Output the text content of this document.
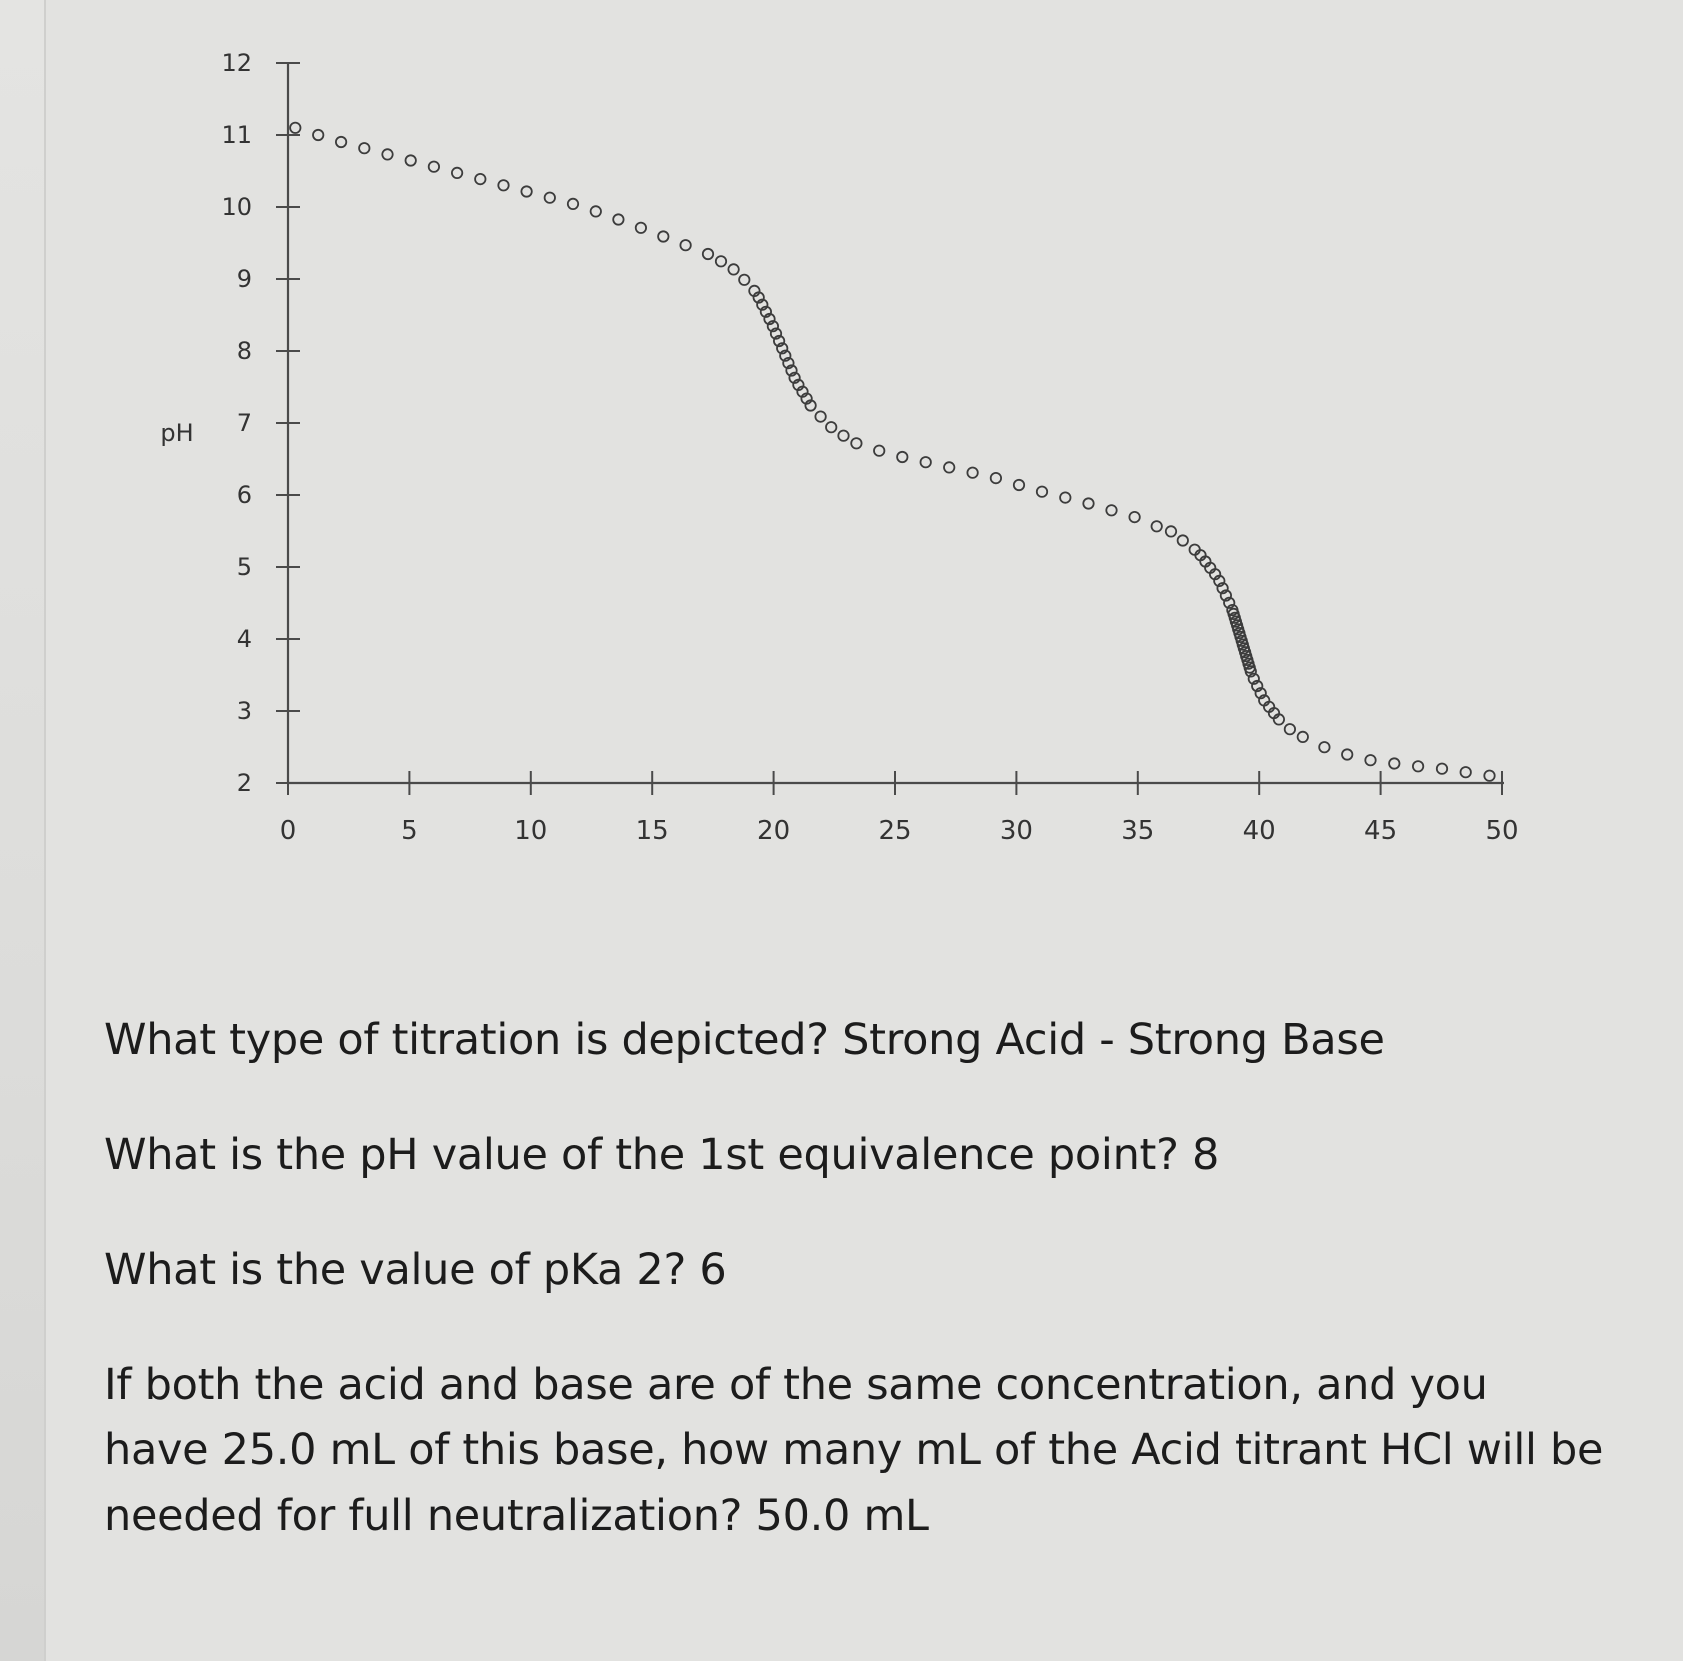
2
3
4
5
6
7
8
9
10
11
12
0	5	10	15	20	25	30	35	40	45	50
pH

What type of titration is depicted? Strong Acid - Strong Base

What is the pH value of the 1st equivalence point? 8

What is the value of pKa 2? 6

If both the acid and base are of the same concentration, and you have 25.0 mL of this base, how many mL of the Acid titrant HCl will be needed for full neutralization? 50.0 mL
